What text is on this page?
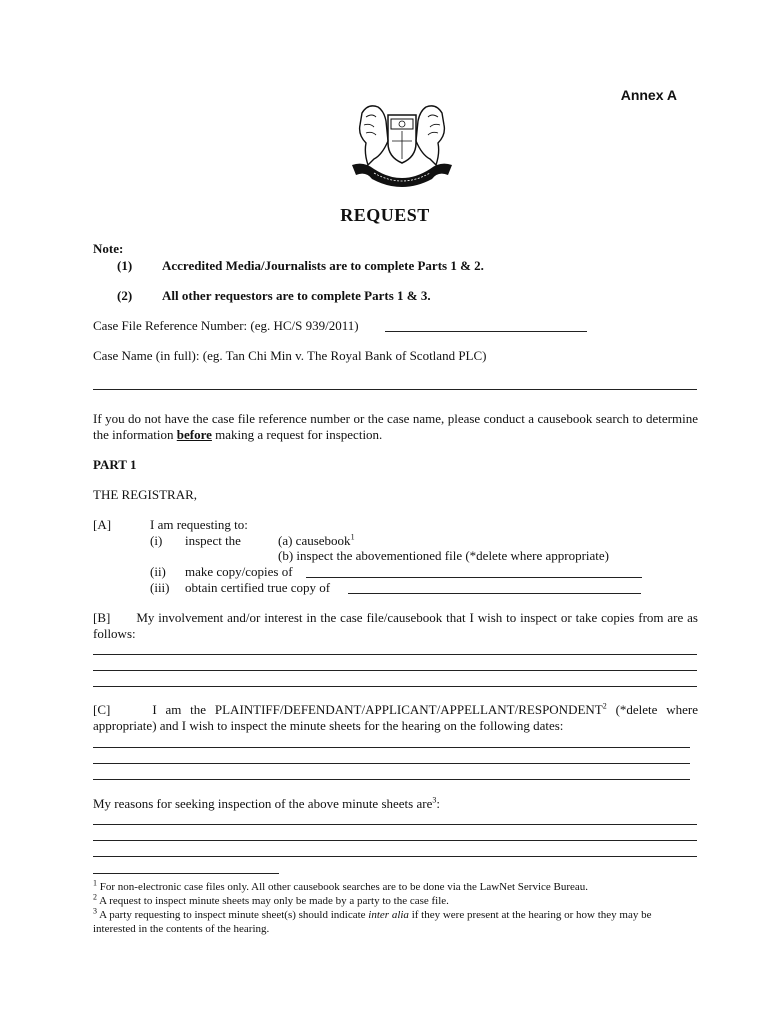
Annex A
REQUEST
Note:
(1) Accredited Media/Journalists are to complete Parts 1 & 2.
(2) All other requestors are to complete Parts 1 & 3.
Case File Reference Number: (eg. HC/S 939/2011)
Case Name (in full): (eg. Tan Chi Min v. The Royal Bank of Scotland PLC)
If you do not have the case file reference number or the case name, please conduct a causebook search to determine the information before making a request for inspection.
PART 1
THE REGISTRAR,
[A]	I am requesting to:
(i) inspect the	(a) causebook$^1$
(b) inspect the abovementioned file (*delete where appropriate)
(ii) make copy/copies of
(iii) obtain certified true copy of
[B] My involvement and/or interest in the case file/causebook that I wish to inspect or take copies from are as follows:
[C]	I am the PLAINTIFF/DEFENDANT/APPLICANT/APPELLANT/RESPONDENT$^2$ (*delete where appropriate) and I wish to inspect the minute sheets for the hearing on the following dates:
My reasons for seeking inspection of the above minute sheets are$^3$:
$^1$ For non-electronic case files only. All other causebook searches are to be done via the LawNet Service Bureau.
$^2$ A request to inspect minute sheets may only be made by a party to the case file.
$^3$ A party requesting to inspect minute sheet(s) should indicate inter alia if they were present at the hearing or how they may be interested in the contents of the hearing.
